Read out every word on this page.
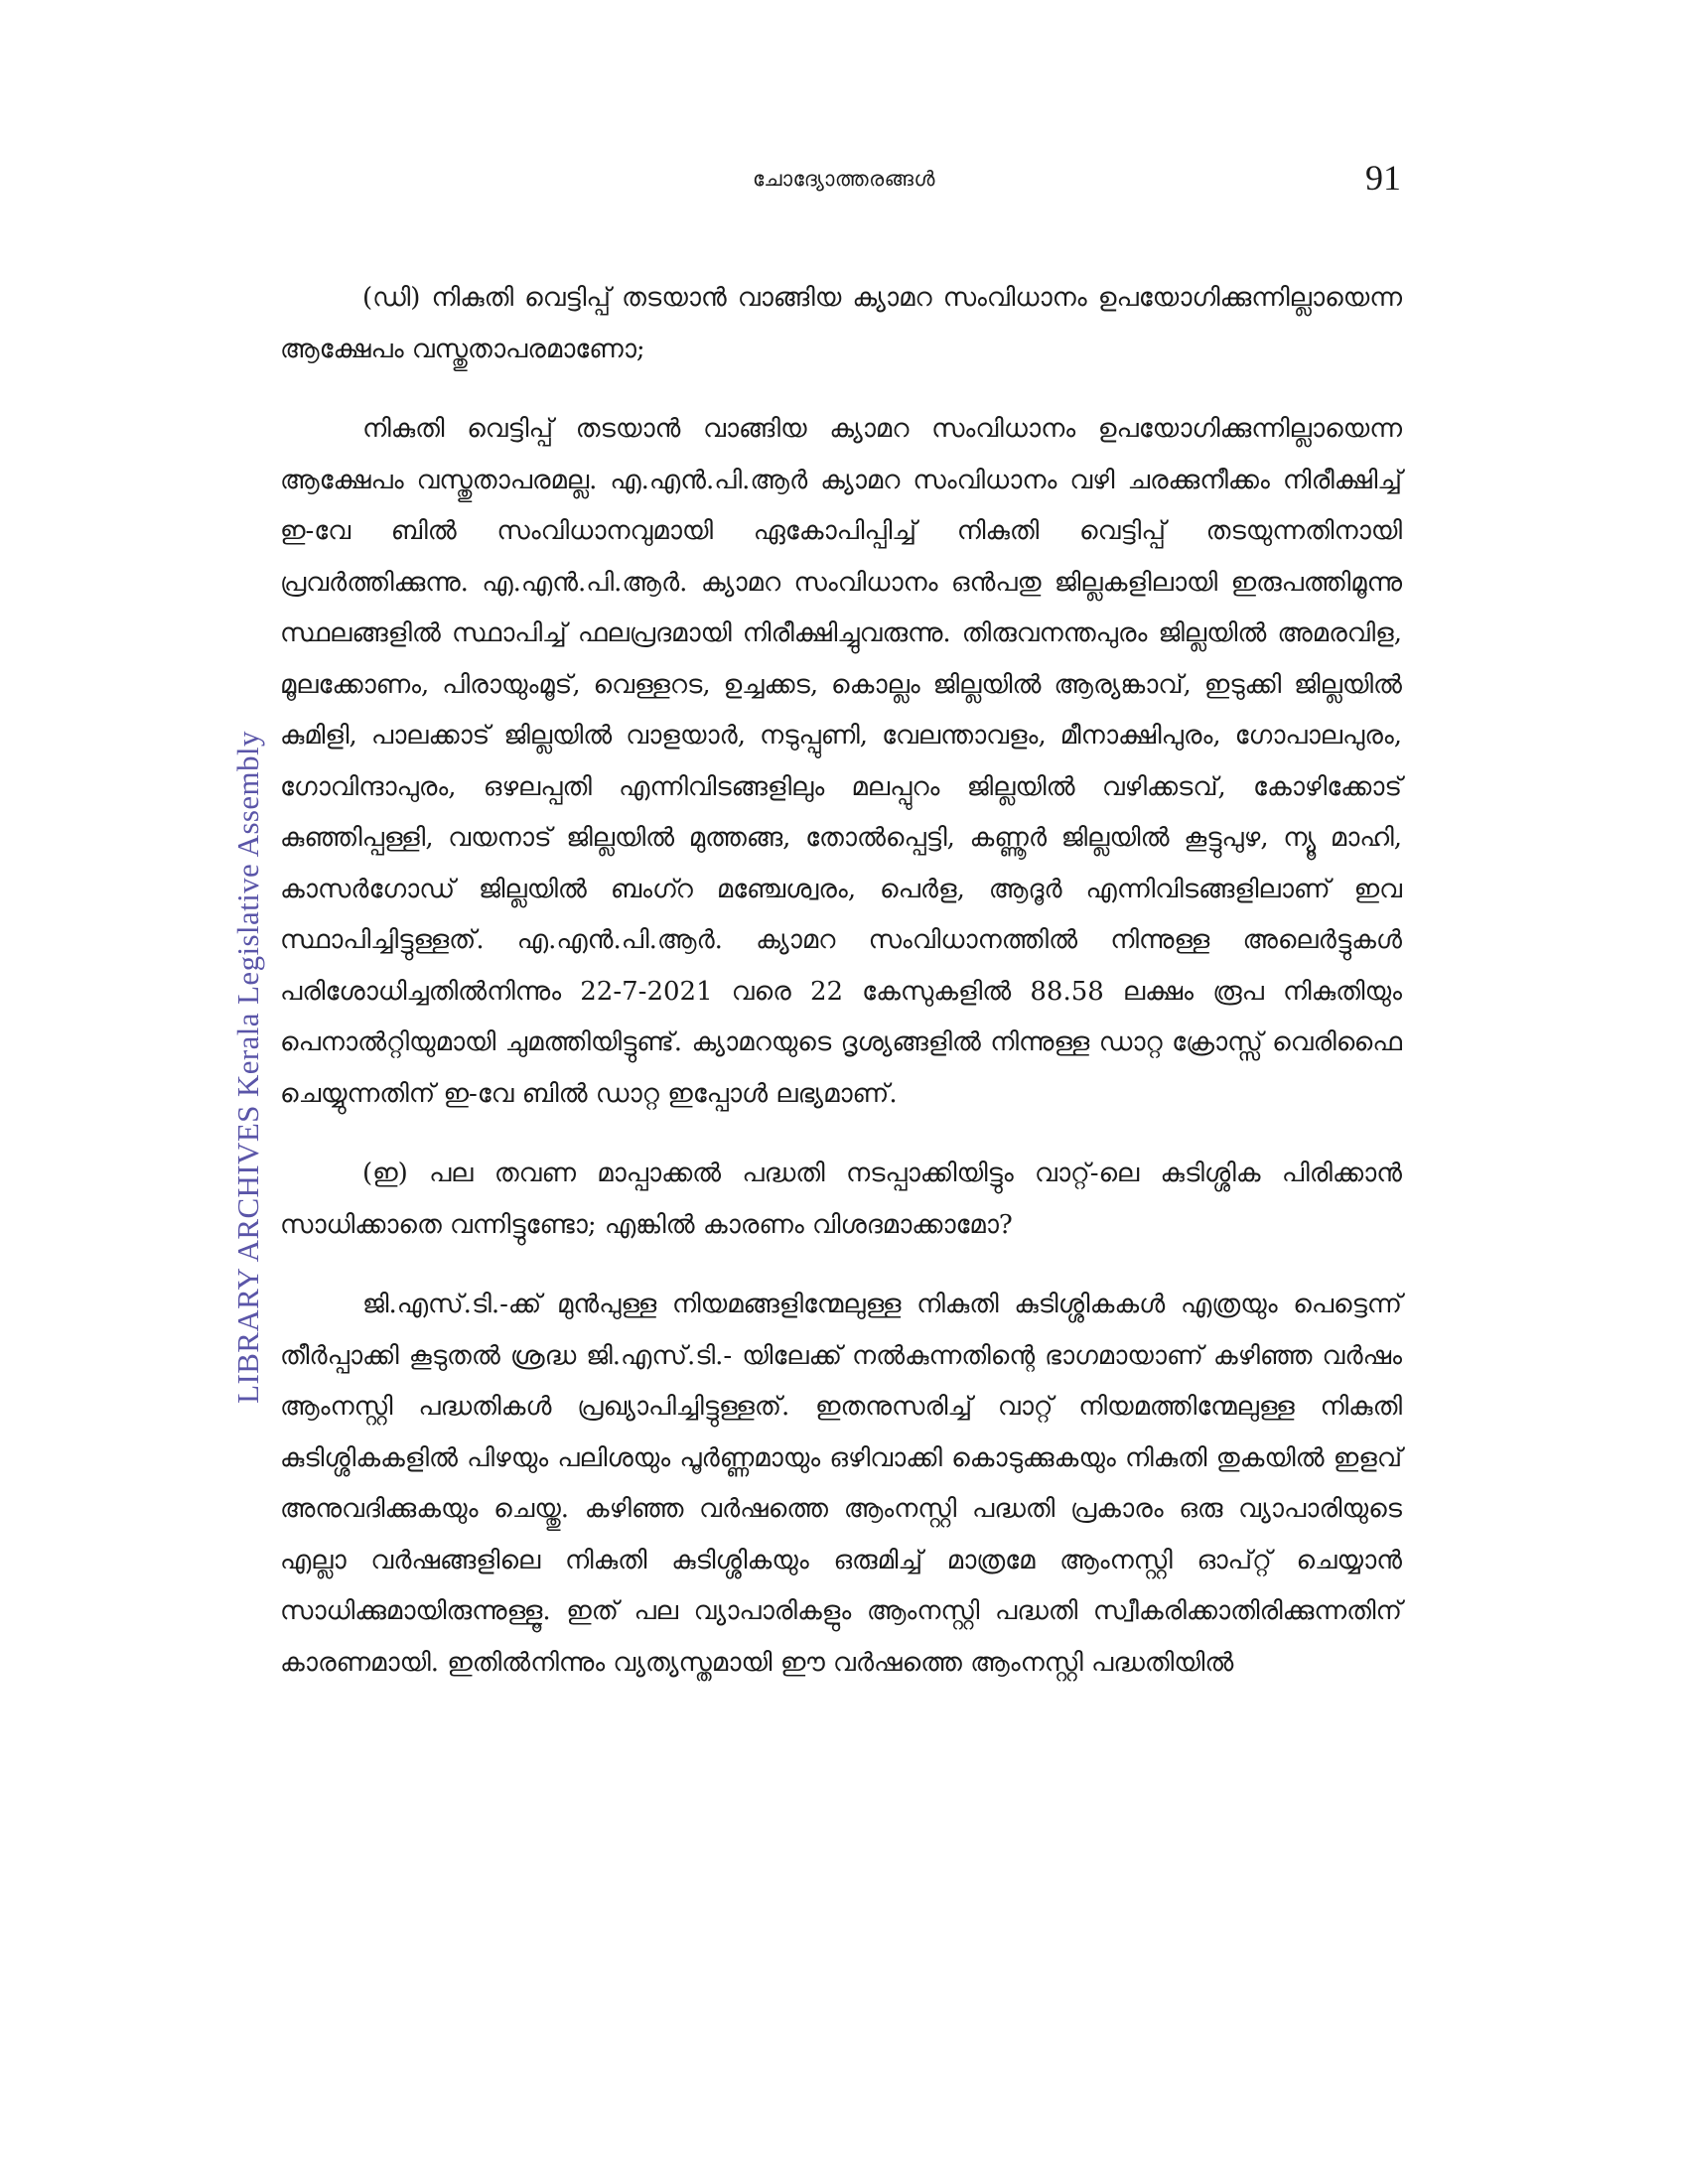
ചോദ്യോത്തരങ്ങൾ	91
LIBRARY ARCHIVES Kerala Legislative Assembly

(ഡി) നികുതി വെട്ടിപ്പ് തടയാൻ വാങ്ങിയ ക്യാമറ സംവിധാനം ഉപയോഗിക്കുന്നില്ലായെന്ന ആക്ഷേപം വസ്തുതാപരമാണോ;

നികുതി വെട്ടിപ്പ് തടയാൻ വാങ്ങിയ ക്യാമറ സംവിധാനം ഉപയോഗിക്കുന്നില്ലായെന്ന ആക്ഷേപം വസ്തുതാപരമല്ല. എ.എൻ.പി.ആർ ക്യാമറ സംവിധാനം വഴി ചരക്കുനീക്കം നിരീക്ഷിച്ച് ഇ-വേ ബിൽ സംവിധാനവുമായി ഏകോപിപ്പിച്ച് നികുതി വെട്ടിപ്പ് തടയുന്നതിനായി പ്രവർത്തിക്കുന്നു. എ.എൻ.പി.ആർ. ക്യാമറ സംവിധാനം ഒൻപതു ജില്ലകളിലായി ഇരുപത്തിമൂന്നു സ്ഥലങ്ങളിൽ സ്ഥാപിച്ച് ഫലപ്രദമായി നിരീക്ഷിച്ചുവരുന്നു. തിരുവനന്തപുരം ജില്ലയിൽ അമരവിള, മൂലക്കോണം, പിരായുംമൂട്, വെള്ളറട, ഉച്ചക്കട, കൊല്ലം ജില്ലയിൽ ആര്യങ്കാവ്, ഇടുക്കി ജില്ലയിൽ കുമിളി, പാലക്കാട് ജില്ലയിൽ വാളയാർ, നടുപ്പുണി, വേലന്താവളം, മീനാക്ഷിപുരം, ഗോപാലപുരം, ഗോവിന്ദാപുരം, ഒഴലപ്പതി എന്നിവിടങ്ങളിലും മലപ്പുറം ജില്ലയിൽ വഴിക്കടവ്, കോഴിക്കോട് കുഞ്ഞിപ്പള്ളി, വയനാട് ജില്ലയിൽ മുത്തങ്ങ, തോൽപ്പെട്ടി, കണ്ണൂർ ജില്ലയിൽ കൂട്ടുപുഴ, ന്യൂ മാഹി, കാസർഗോഡ് ജില്ലയിൽ ബംഗ്റ മഞ്ചേശ്വരം, പെർള, ആദൂർ എന്നിവിടങ്ങളിലാണ് ഇവ സ്ഥാപിച്ചിട്ടുള്ളത്. എ.എൻ.പി.ആർ. ക്യാമറ സംവിധാനത്തിൽ നിന്നുള്ള അലെർട്ടുകൾ പരിശോധിച്ചതിൽനിന്നും 22-7-2021 വരെ 22 കേസുകളിൽ 88.58 ലക്ഷം രൂപ നികുതിയും പെനാൽറ്റിയുമായി ചുമത്തിയിട്ടുണ്ട്. ക്യാമറയുടെ ദൃശ്യങ്ങളിൽ നിന്നുള്ള ഡാറ്റ ക്രോസ്സ് വെരിഫൈ ചെയ്യുന്നതിന് ഇ-വേ ബിൽ ഡാറ്റ ഇപ്പോൾ ലഭ്യമാണ്.

(ഇ) പല തവണ മാപ്പാക്കൽ പദ്ധതി നടപ്പാക്കിയിട്ടും വാറ്റ്-ലെ കുടിശ്ശിക പിരിക്കാൻ സാധിക്കാതെ വന്നിട്ടുണ്ടോ; എങ്കിൽ കാരണം വിശദമാക്കാമോ?

ജി.എസ്.ടി.-ക്ക് മുൻപുള്ള നിയമങ്ങളിന്മേലുള്ള നികുതി കുടിശ്ശികകൾ എത്രയും പെട്ടെന്ന് തീർപ്പാക്കി കൂടുതൽ ശ്രദ്ധ ജി.എസ്.ടി.- യിലേക്ക് നൽകുന്നതിന്റെ ഭാഗമായാണ് കഴിഞ്ഞ വർഷം ആംനസ്റ്റി പദ്ധതികൾ പ്രഖ്യാപിച്ചിട്ടുള്ളത്. ഇതനുസരിച്ച് വാറ്റ് നിയമത്തിന്മേലുള്ള നികുതി കുടിശ്ശികകളിൽ പിഴയും പലിശയും പൂർണ്ണമായും ഒഴിവാക്കി കൊടുക്കുകയും നികുതി തുകയിൽ ഇളവ് അനുവദിക്കുകയും ചെയ്തു. കഴിഞ്ഞ വർഷത്തെ ആംനസ്റ്റി പദ്ധതി പ്രകാരം ഒരു വ്യാപാരിയുടെ എല്ലാ വർഷങ്ങളിലെ നികുതി കുടിശ്ശികയും ഒരുമിച്ച് മാത്രമേ ആംനസ്റ്റി ഓപ്റ്റ് ചെയ്യാൻ സാധിക്കുമായിരുന്നുള്ളൂ. ഇത് പല വ്യാപാരികളും ആംനസ്റ്റി പദ്ധതി സ്വീകരിക്കാതിരിക്കുന്നതിന് കാരണമായി. ഇതിൽനിന്നും വ്യത്യസ്തമായി ഈ വർഷത്തെ ആംനസ്റ്റി പദ്ധതിയിൽ
